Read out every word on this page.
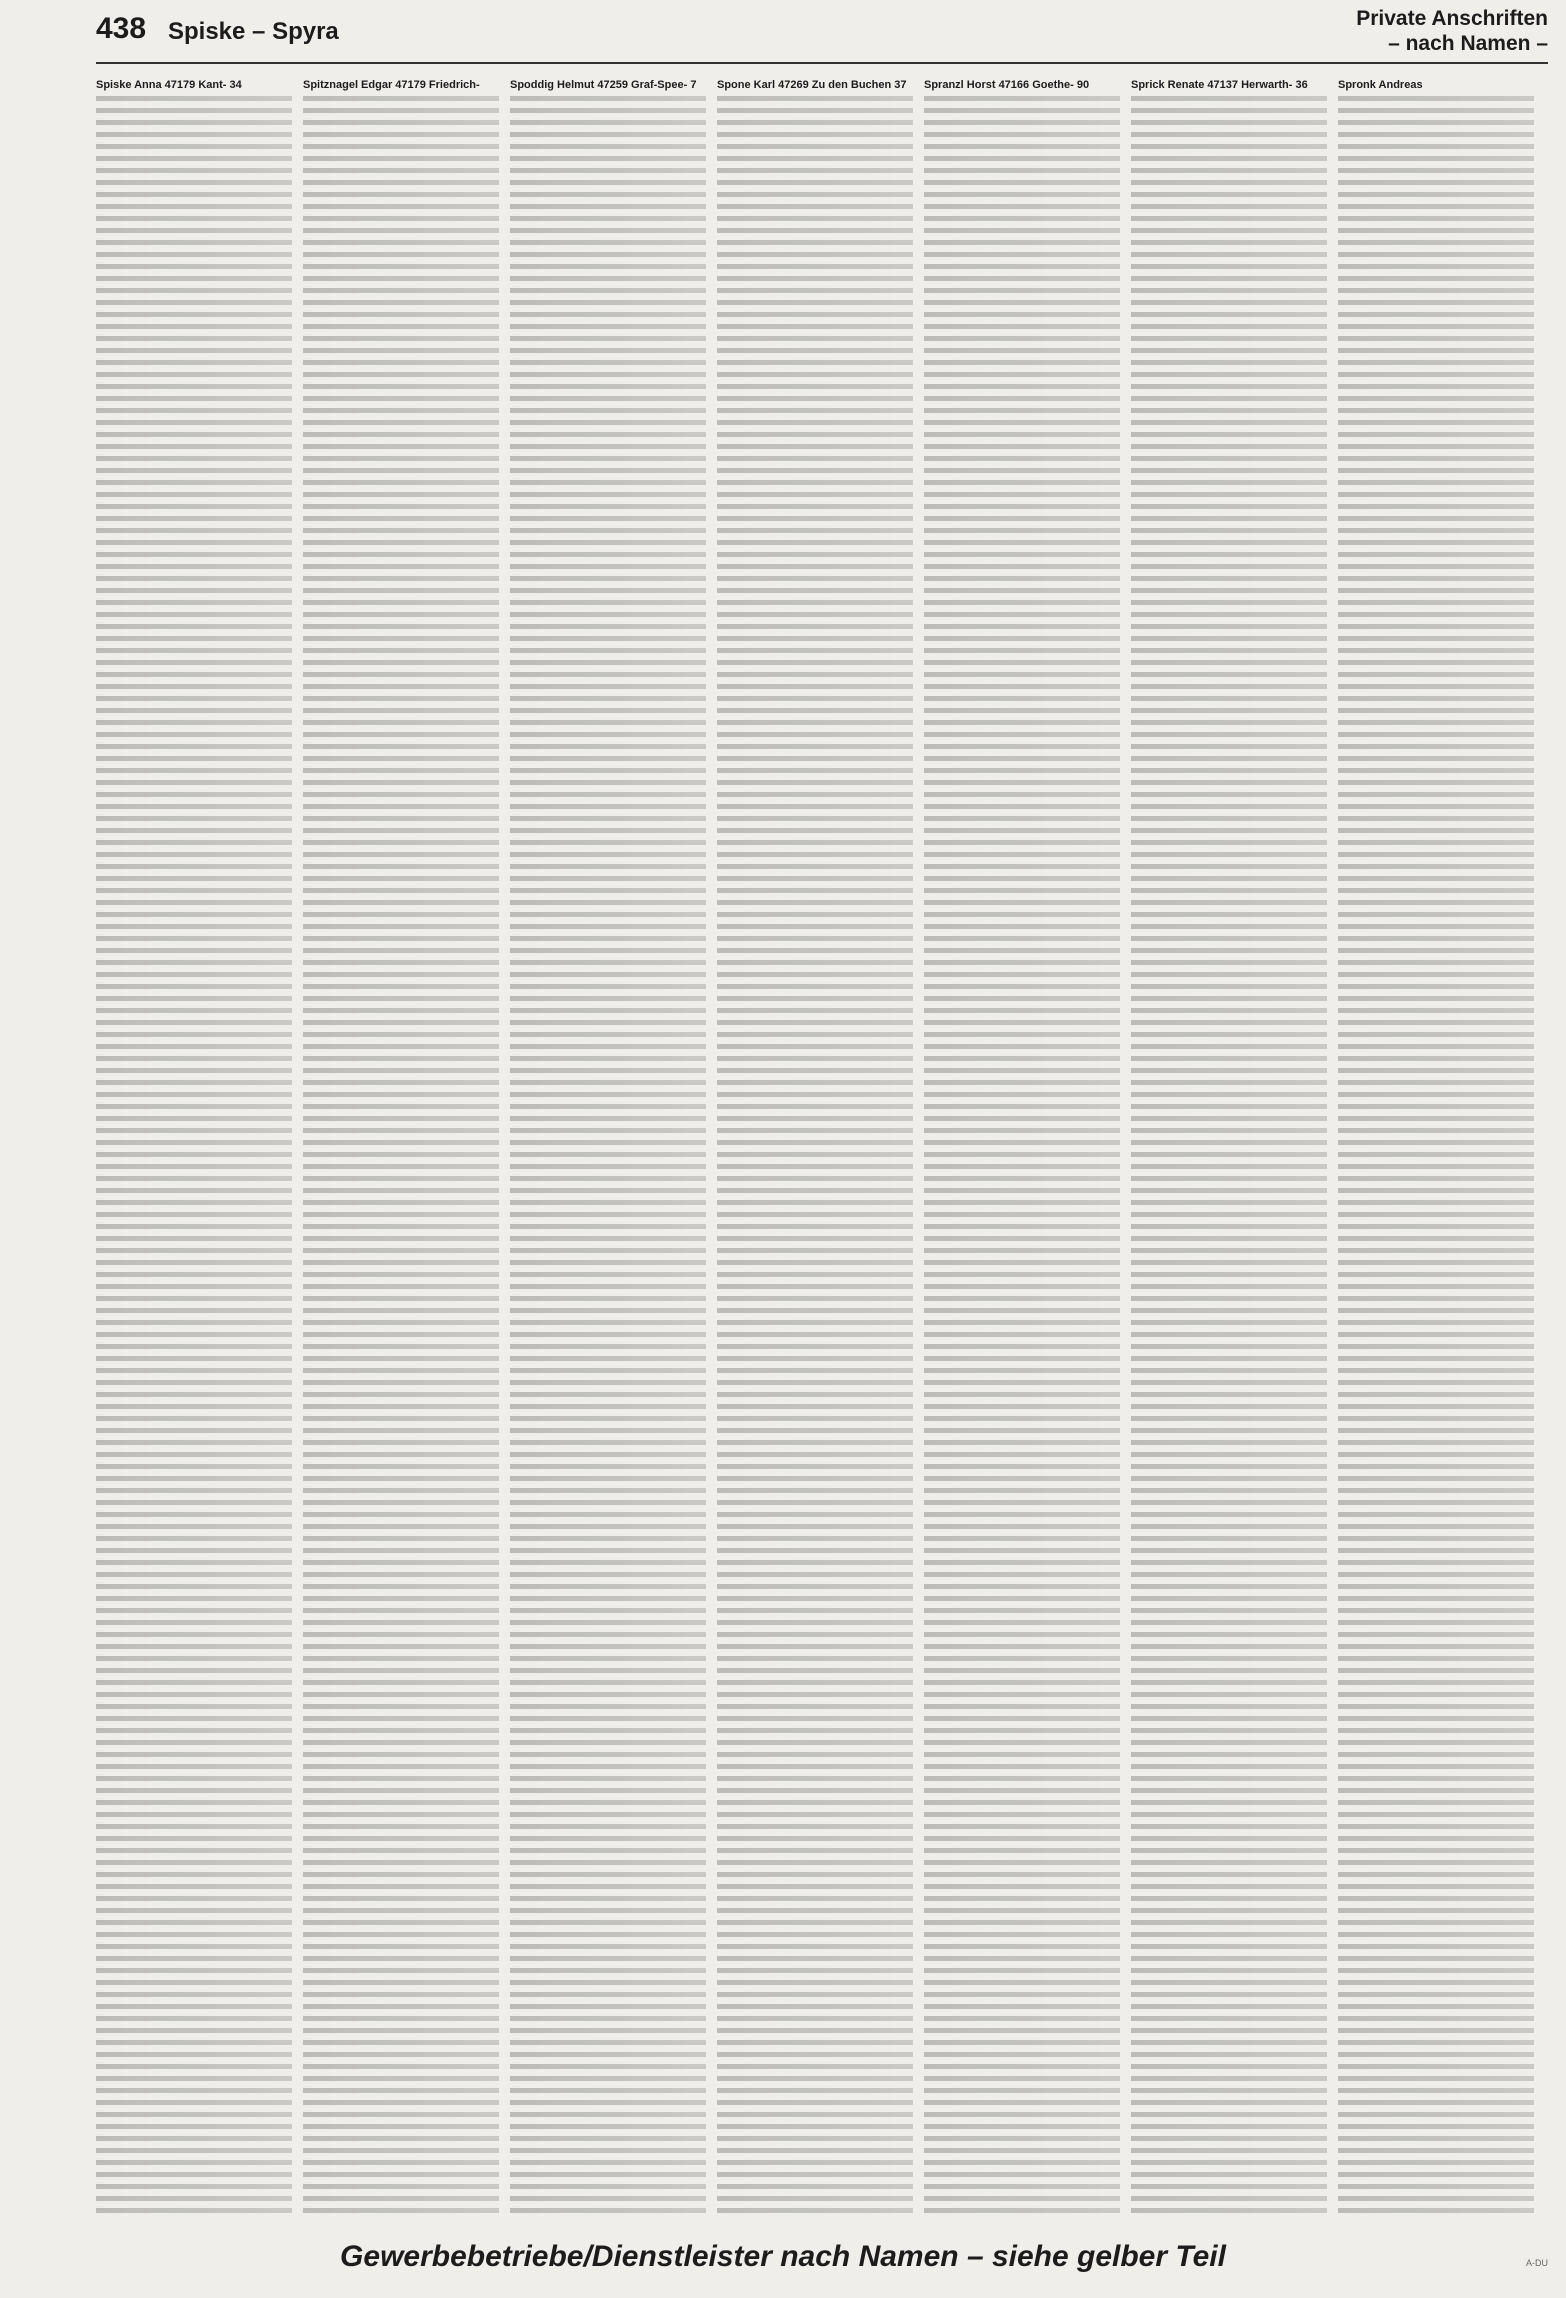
438 Spiske – Spyra	Private Anschriften
– nach Namen –
Spiske Anna 47179 Kant- 34	Spitznagel Edgar 47179 Friedrich-	Spoddig Helmut 47259 Graf-Spee- 7	Spone Karl 47269 Zu den Buchen 37	Spranzl Horst 47166 Goethe- 90	Sprick Renate 47137 Herwarth- 36	Spronk Andreas
Gewerbebetriebe/Dienstleister nach Namen – siehe gelber Teil	A-DU
